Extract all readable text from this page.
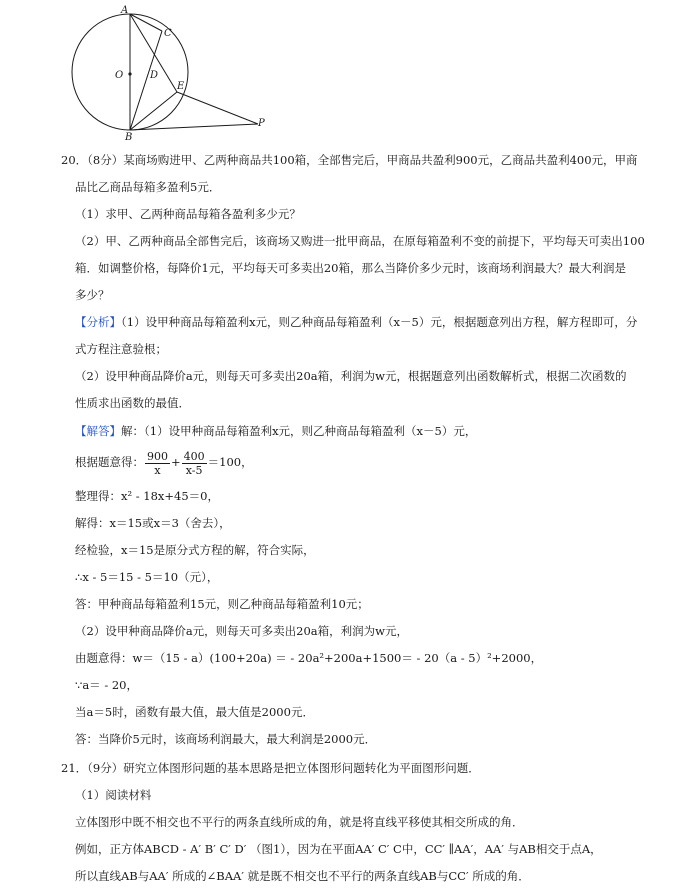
A
C
O	D
E
B
P
20．（8分）某商场购进甲、乙两种商品共100箱，全部售完后，甲商品共盈利900元，乙商品共盈利400元，甲商
品比乙商品每箱多盈利5元．
（1）求甲、乙两种商品每箱各盈利多少元？
（2）甲、乙两种商品全部售完后，该商场又购进一批甲商品，在原每箱盈利不变的前提下，平均每天可卖出100
箱．如调整价格，每降价1元，平均每天可多卖出20箱，那么当降价多少元时，该商场利润最大？最大利润是
多少？
【分析】（1）设甲种商品每箱盈利x元，则乙种商品每箱盈利（x－5）元，根据题意列出方程，解方程即可，分
式方程注意验根；
（2）设甲种商品降价a元，则每天可多卖出20a箱，利润为w元，根据题意列出函数解析式，根据二次函数的
性质求出函数的最值．
【解答】解：（1）设甲种商品每箱盈利x元，则乙种商品每箱盈利（x－5）元，
根据题意得： $\frac{900}{x} + \frac{400}{x-5} =100$，
整理得：x² - 18x+45＝0，
解得：x＝15或x＝3（舍去），
经检验，x＝15是原分式方程的解，符合实际，
∴x - 5＝15 - 5＝10（元），
答：甲种商品每箱盈利15元，则乙种商品每箱盈利10元；
（2）设甲种商品降价a元，则每天可多卖出20a箱，利润为w元，
由题意得：w＝（15 - a）(100+20a) ＝ - 20a²+200a+1500＝ - 20（a - 5）²+2000，
∵a＝ - 20，
当a＝5时，函数有最大值，最大值是2000元．
答：当降价5元时，该商场利润最大，最大利润是2000元．
21．（9分）研究立体图形问题的基本思路是把立体图形问题转化为平面图形问题．
（1）阅读材料
立体图形中既不相交也不平行的两条直线所成的角，就是将直线平移使其相交所成的角．
例如，正方体ABCD - A′ B′ C′ D′ （图1），因为在平面AA′ C′ C中，CC′ ∥AA′，AA′ 与AB相交于点A，
所以直线AB与AA′ 所成的∠BAA′ 就是既不相交也不平行的两条直线AB与CC′ 所成的角．
